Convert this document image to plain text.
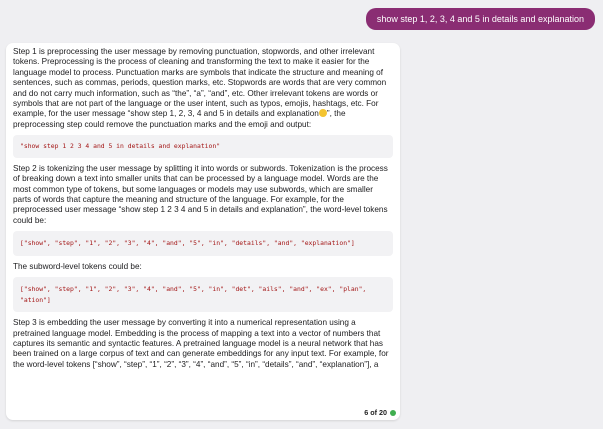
show step 1, 2, 3, 4 and 5 in details and explanation

Step 1 is preprocessing the user message by removing punctuation, stopwords, and other irrelevant tokens. Preprocessing is the process of cleaning and transforming the text to make it easier for the language model to process. Punctuation marks are symbols that indicate the structure and meaning of sentences, such as commas, periods, question marks, etc. Stopwords are words that are very common and do not carry much information, such as “the”, “a”, “and”, etc. Other irrelevant tokens are words or symbols that are not part of the language or the user intent, such as typos, emojis, hashtags, etc. For example, for the user message “show step 1, 2, 3, 4 and 5 in details and explanation ”, the preprocessing step could remove the punctuation marks and the emoji and output:

"show step 1 2 3 4 and 5 in details and explanation"

Step 2 is tokenizing the user message by splitting it into words or subwords. Tokenization is the process of breaking down a text into smaller units that can be processed by a language model. Words are the most common type of tokens, but some languages or models may use subwords, which are smaller parts of words that capture the meaning and structure of the language. For example, for the preprocessed user message “show step 1 2 3 4 and 5 in details and explanation”, the word-level tokens could be:

["show", "step", "1", "2", "3", "4", "and", "5", "in", "details", "and", "explanation"]

The subword-level tokens could be:

["show", "step", "1", "2", "3", "4", "and", "5", "in", "det", "ails", "and", "ex", "plan", "ation"]

Step 3 is embedding the user message by converting it into a numerical representation using a pretrained language model. Embedding is the process of mapping a text into a vector of numbers that captures its semantic and syntactic features. A pretrained language model is a neural network that has been trained on a large corpus of text and can generate embeddings for any input text. For example, for the word-level tokens [“show”, “step”, “1”, “2”, “3”, “4”, “and”, “5”, “in”, “details”, “and”, “explanation”], a

6 of 20
